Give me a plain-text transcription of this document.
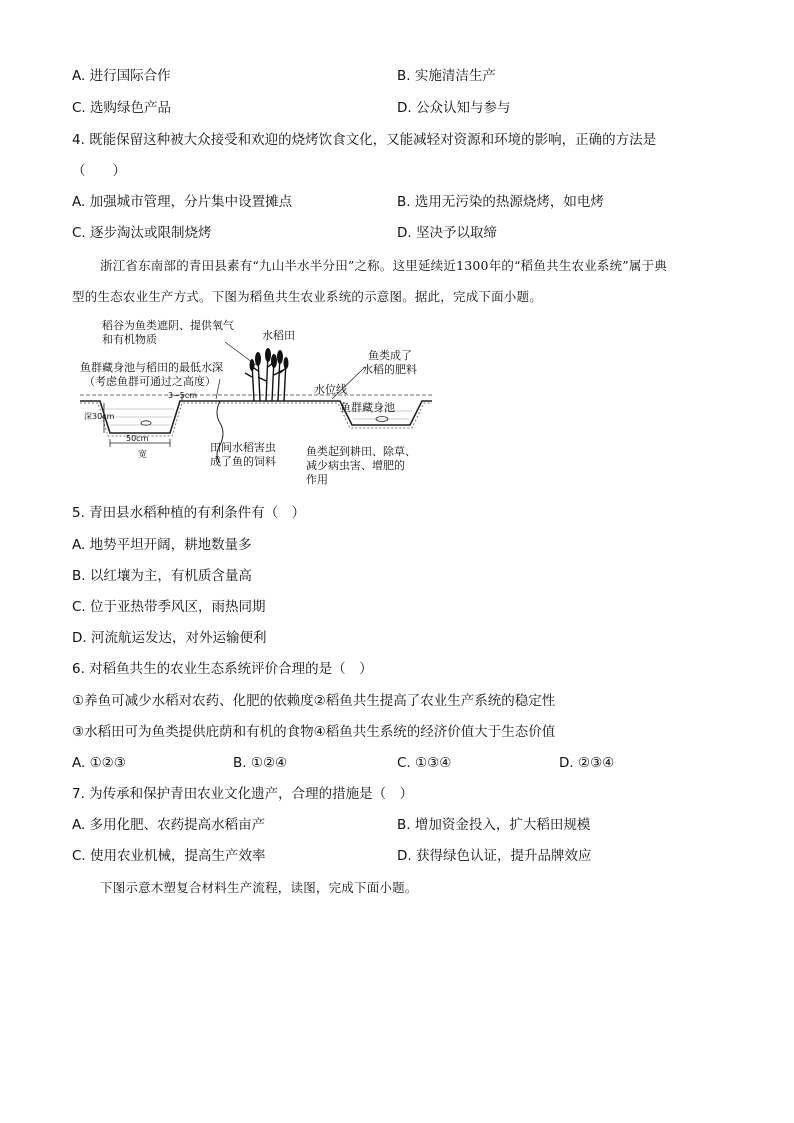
A. 进行国际合作	B. 实施清洁生产
C. 选购绿色产品	D. 公众认知与参与
4. 既能保留这种被大众接受和欢迎的烧烤饮食文化，又能减轻对资源和环境的影响，正确的方法是
（　　）
A. 加强城市管理，分片集中设置摊点	B. 选用无污染的热源烧烤，如电烤
C. 逐步淘汰或限制烧烤	D. 坚决予以取缔
浙江省东南部的青田县素有“九山半水半分田”之称。这里延续近1300年的“稻鱼共生农业系统”属于典
型的生态农业生产方式。下图为稻鱼共生农业系统的示意图。据此，完成下面小题。
稻谷为鱼类遮阴、提供氧气
和有机物质	水稻田
鱼群藏身池与稻田的最低水深
（考虑鱼群可通过之高度）
鱼类成了
水稻的肥料
水位线
3~5cm
深30cm
50cm
宽
鱼群藏身池
田间水稻害虫
成了鱼的饲料
鱼类起到耕田、除草、
减少病虫害、增肥的
作用
5. 青田县水稻种植的有利条件有（　）
A. 地势平坦开阔，耕地数量多
B. 以红壤为主，有机质含量高
C. 位于亚热带季风区，雨热同期
D. 河流航运发达，对外运输便利
6. 对稻鱼共生的农业生态系统评价合理的是（　）
①养鱼可减少水稻对农药、化肥的依赖度②稻鱼共生提高了农业生产系统的稳定性
③水稻田可为鱼类提供庇荫和有机的食物④稻鱼共生系统的经济价值大于生态价值
A. ①②③	B. ①②④	C. ①③④	D. ②③④
7. 为传承和保护青田农业文化遗产，合理的措施是（　）
A. 多用化肥、农药提高水稻亩产	B. 增加资金投入，扩大稻田规模
C. 使用农业机械，提高生产效率	D. 获得绿色认证，提升品牌效应
下图示意木塑复合材料生产流程，读图，完成下面小题。
